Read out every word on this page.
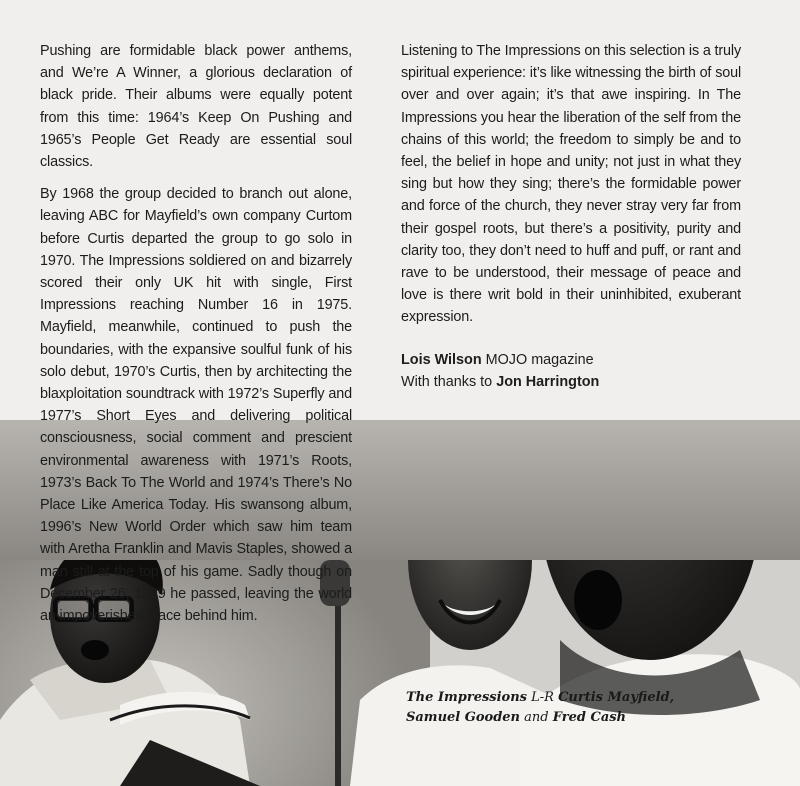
Pushing are formidable black power anthems, and We’re A Winner, a glorious declaration of black pride. Their albums were equally potent from this time: 1964’s Keep On Pushing and 1965’s People Get Ready are essential soul classics.

By 1968 the group decided to branch out alone, leaving ABC for Mayfield’s own company Curtom before Curtis departed the group to go solo in 1970. The Impressions soldiered on and bizarrely scored their only UK hit with single, First Impressions reaching Number 16 in 1975. Mayfield, meanwhile, continued to push the boundaries, with the expansive soulful funk of his solo debut, 1970’s Curtis, then by architecting the blaxploitation soundtrack with 1972’s Superfly and 1977’s Short Eyes and delivering political consciousness, social comment and prescient environmental awareness with 1971’s Roots, 1973’s Back To The World and 1974’s There’s No Place Like America Today. His swansong album, 1996’s New World Order which saw him team with Aretha Franklin and Mavis Staples, showed a man still at the top of his game. Sadly though on December 26, 1999 he passed, leaving the world an impoverished place behind him.

Listening to The Impressions on this selection is a truly spiritual experience: it’s like witnessing the birth of soul over and over again; it’s that awe inspiring. In The Impressions you hear the liberation of the self from the chains of this world; the freedom to simply be and to feel, the belief in hope and unity; not just in what they sing but how they sing; there’s the formidable power and force of the church, they never stray very far from their gospel roots, but there’s a positivity, purity and clarity too, they don’t need to huff and puff, or rant and rave to be understood, their message of peace and love is there writ bold in their uninhibited, exuberant expression.

Lois Wilson MOJO magazine
With thanks to Jon Harrington
The Impressions L-R Curtis Mayfield,
Samuel Gooden and Fred Cash
